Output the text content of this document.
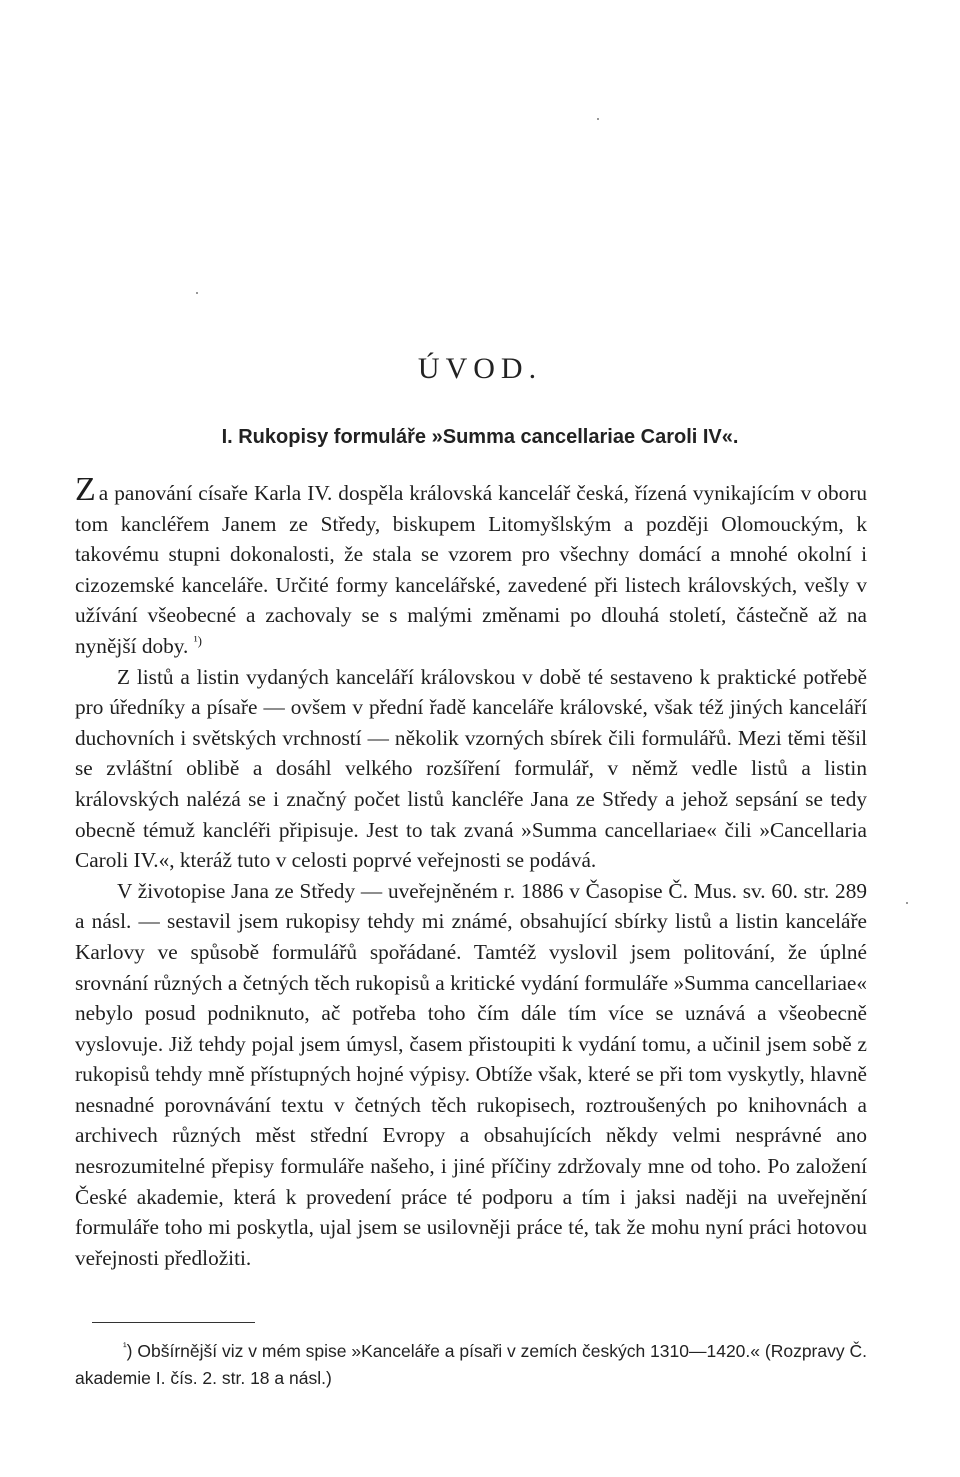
ÚVOD.
I. Rukopisy formuláře »Summa cancellariae Caroli IV«.

Za panování císaře Karla IV. dospěla královská kancelář česká, řízená vynikajícím v oboru tom kancléřem Janem ze Středy, biskupem Litomyšlským a později Olomouckým, k takovému stupni dokonalosti, že stala se vzorem pro všechny domácí a mnohé okolní i cizozemské kanceláře. Určité formy kancelářské, zavedené při listech královských, vešly v užívání všeobecné a zachovaly se s malými změnami po dlouhá století, částečně až na nynější doby. $^{^1)}$

Z listů a listin vydaných kanceláří královskou v době té sestaveno k praktické potřebě pro úředníky a písaře — ovšem v přední řadě kanceláře královské, však též jiných kanceláří duchovních i světských vrchností — několik vzorných sbírek čili formulářů. Mezi těmi těšil se zvláštní oblibě a dosáhl velkého rozšíření formulář, v němž vedle listů a listin královských nalézá se i značný počet listů kancléře Jana ze Středy a jehož sepsání se tedy obecně témuž kancléři připisuje. Jest to tak zvaná »Summa cancellariae« čili »Cancellaria Caroli IV.«, kteráž tuto v celosti poprvé veřejnosti se podává.

V životopise Jana ze Středy — uveřejněném r. 1886 v Časopise Č. Mus. sv. 60. str. 289 a násl. — sestavil jsem rukopisy tehdy mi známé, obsahující sbírky listů a listin kanceláře Karlovy ve spůsobě formulářů spořádané. Tamtéž vyslovil jsem politování, že úplné srovnání různých a četných těch rukopisů a kritické vydání formuláře »Summa cancellariae« nebylo posud podniknuto, ač potřeba toho čím dále tím více se uznává a všeobecně vyslovuje. Již tehdy pojal jsem úmysl, časem přistoupiti k vydání tomu, a učinil jsem sobě z rukopisů tehdy mně přístupných hojné výpisy. Obtíže však, které se při tom vyskytly, hlavně nesnadné porovnávání textu v četných těch rukopisech, roztroušených po knihovnách a archivech různých měst střední Evropy a obsahujících někdy velmi nesprávné ano nesrozumitelné přepisy formuláře našeho, i jiné příčiny zdržovaly mne od toho. Po založení České akademie, která k provedení práce té podporu a tím i jaksi naději na uveřejnění formuláře toho mi poskytla, ujal jsem se usilovněji práce té, tak že mohu nyní práci hotovou veřejnosti předložiti.

$^{^1}$) Obšírnější viz v mém spise »Kanceláře a písaři v zemích českých 1310—1420.« (Rozpravy Č. akademie I. čís. 2. str. 18 a násl.)
